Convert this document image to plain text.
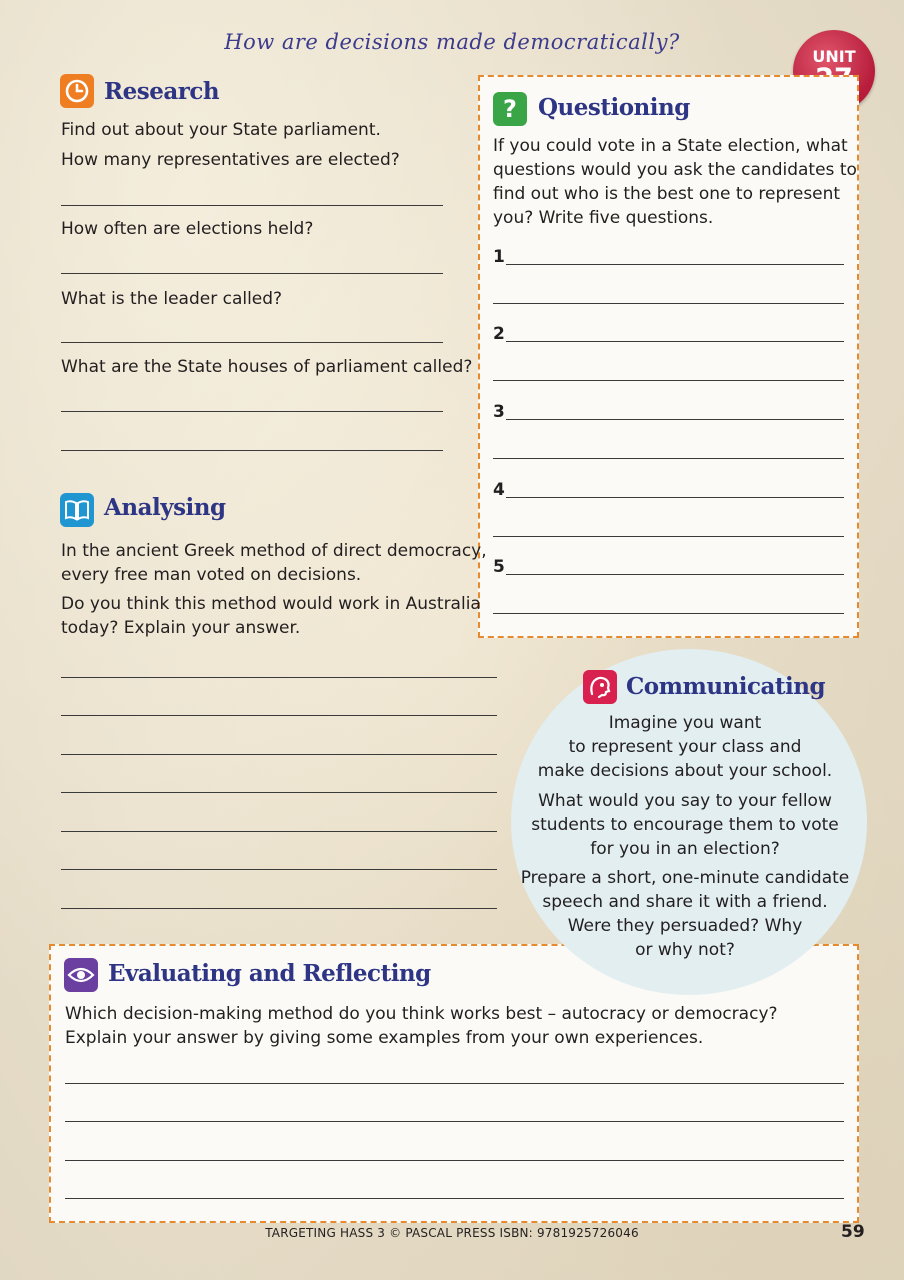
How are decisions made democratically?
UNIT
Research
Find out about your State parliament.
How many representatives are elected?
How often are elections held?
What is the leader called?
What are the State houses of parliament called?
? Questioning
If you could vote in a State election, what
questions would you ask the candidates to
find out who is the best one to represent
you? Write five questions.
1
2
3
4
5
Analysing
In the ancient Greek method of direct democracy,
every free man voted on decisions.
Do you think this method would work in Australia
today? Explain your answer.
Communicating
Imagine you want
to represent your class and
make decisions about your school.
What would you say to your fellow
students to encourage them to vote
for you in an election?
Prepare a short, one-minute candidate
speech and share it with a friend.
Were they persuaded? Why
or why not?
Evaluating and Reflecting
Which decision-making method do you think works best – autocracy or democracy?
Explain your answer by giving some examples from your own experiences.
TARGETING HASS 3 © PASCAL PRESS ISBN: 9781925726046	59
